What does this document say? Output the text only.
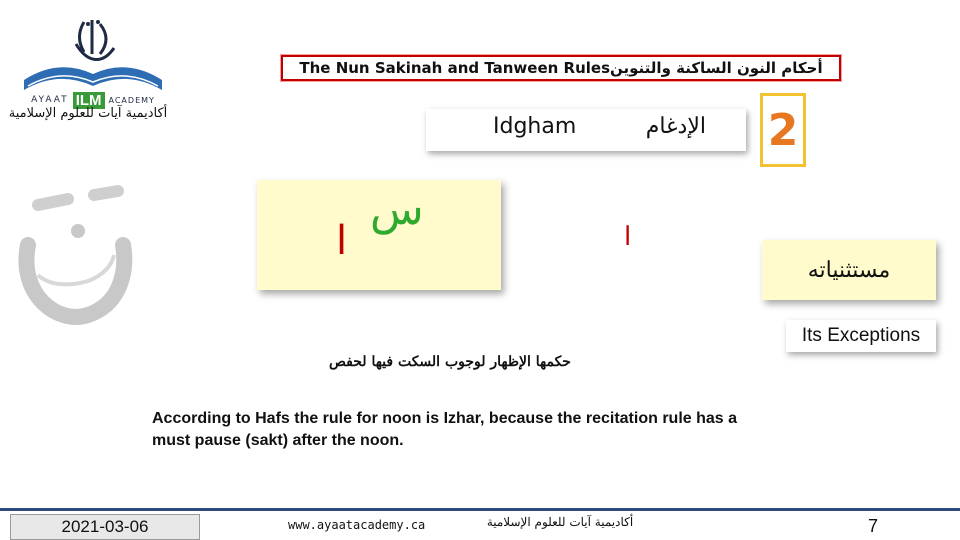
AYAAT ILM ACADEMY
أكاديمية آيات للعلوم الإسلامية
The Nun Sakinah and Tanween Rulesأحكام النون الساكنة والتنوين
Idgham	الإدغام 2
س
ا	ا
مستثنياته
Its Exceptions
حكمها الإظهار لوجوب السكت فيها لحفص
According to Hafs the rule for noon is Izhar, because the recitation rule has a must pause (sakt) after the noon.
2021-03-06	www.ayaatacademy.ca	أكاديمية آيات للعلوم الإسلامية	7
